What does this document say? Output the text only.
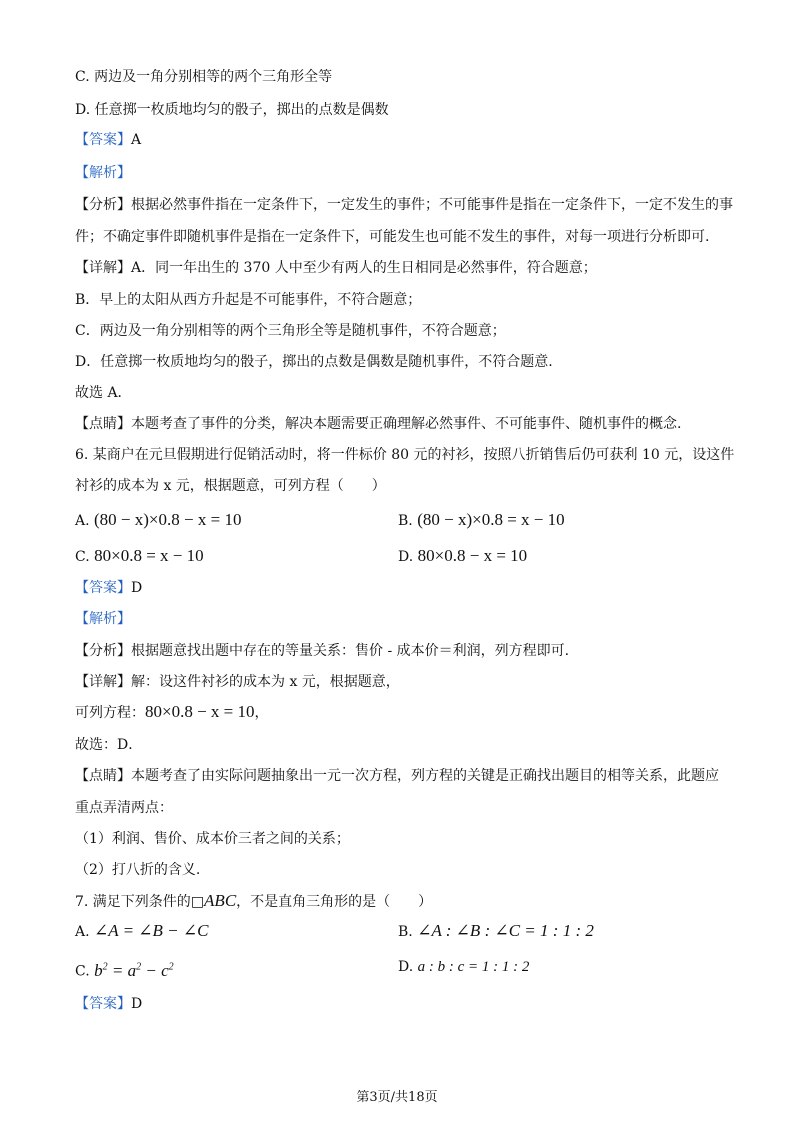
C. 两边及一角分别相等的两个三角形全等
D. 任意掷一枚质地均匀的骰子，掷出的点数是偶数
【答案】A
【解析】
【分析】根据必然事件指在一定条件下，一定发生的事件；不可能事件是指在一定条件下，一定不发生的事
件；不确定事件即随机事件是指在一定条件下，可能发生也可能不发生的事件，对每一项进行分析即可.
【详解】A．同一年出生的 370 人中至少有两人的生日相同是必然事件，符合题意；
B．早上的太阳从西方升起是不可能事件，不符合题意；
C．两边及一角分别相等的两个三角形全等是随机事件，不符合题意；
D．任意掷一枚质地均匀的骰子，掷出的点数是偶数是随机事件，不符合题意.
故选 A．
【点睛】本题考查了事件的分类，解决本题需要正确理解必然事件、不可能事件、随机事件的概念.
6. 某商户在元旦假期进行促销活动时，将一件标价 80 元的衬衫，按照八折销售后仍可获利 10 元，设这件
衬衫的成本为 x 元，根据题意，可列方程（　　）
A. (80 − x)×0.8 − x = 10	B. (80 − x)×0.8 = x − 10
C. 80×0.8 = x − 10	D. 80×0.8 − x = 10
【答案】D
【解析】
【分析】根据题意找出题中存在的等量关系：售价 - 成本价＝利润，列方程即可.
【详解】解：设这件衬衫的成本为 x 元，根据题意，
可列方程：80×0.8 − x = 10，
故选：D．
【点睛】本题考查了由实际问题抽象出一元一次方程，列方程的关键是正确找出题目的相等关系，此题应
重点弄清两点：
（1）利润、售价、成本价三者之间的关系；
（2）打八折的含义.
7. 满足下列条件的□ABC，不是直角三角形的是（　　）
A. ∠A = ∠B − ∠C	B. ∠A : ∠B : ∠C = 1 : 1 : 2
C. $b^2 = a^2 - c^2$	D. a : b : c = 1 : 1 : 2
【答案】D
第3页/共18页
